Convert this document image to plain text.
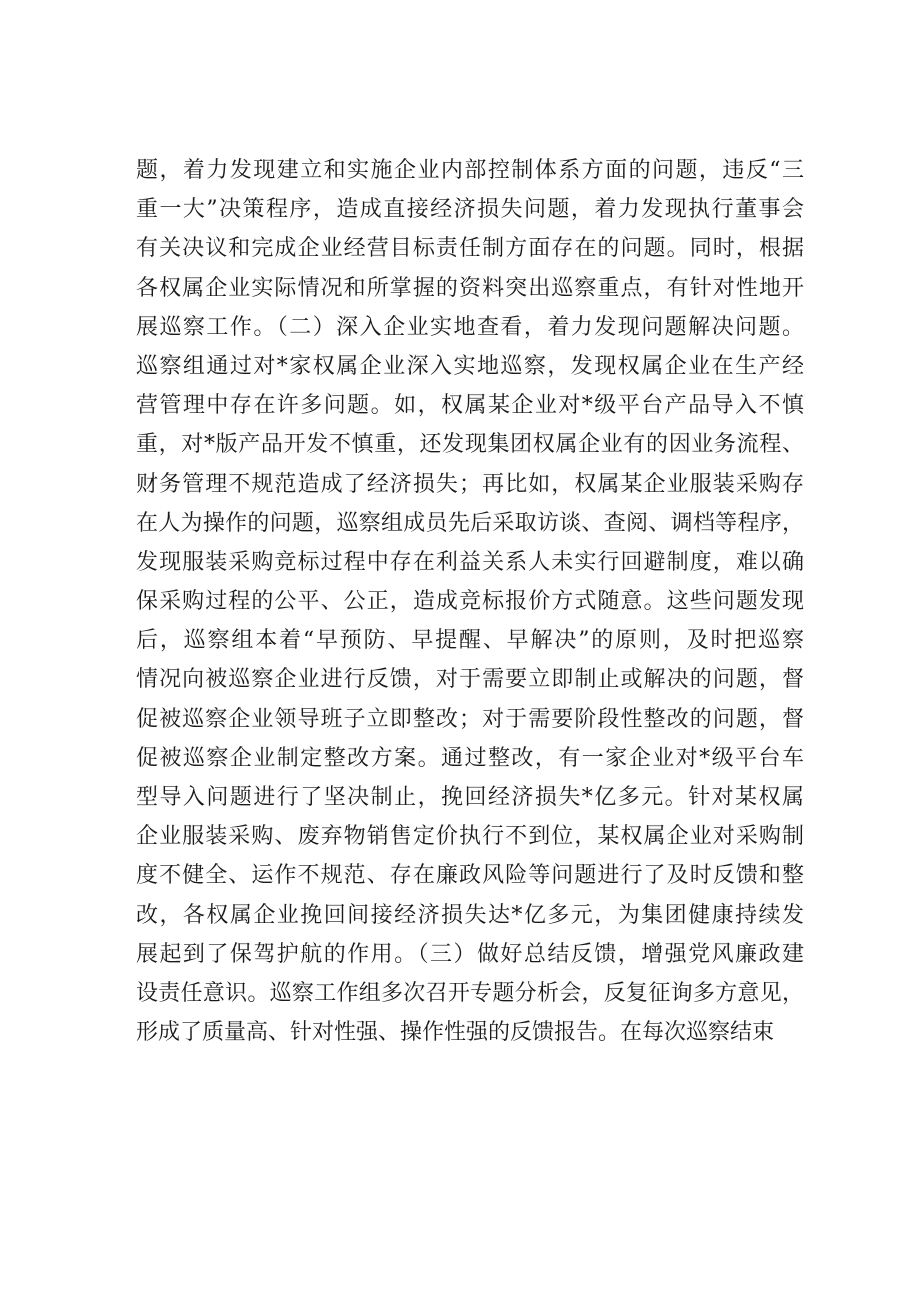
题，着力发现建立和实施企业内部控制体系方面的问题，违反“三
重一大”决策程序，造成直接经济损失问题，着力发现执行董事会
有关决议和完成企业经营目标责任制方面存在的问题。同时，根据
各权属企业实际情况和所掌握的资料突出巡察重点，有针对性地开
展巡察工作。（二）深入企业实地查看，着力发现问题解决问题。
巡察组通过对*家权属企业深入实地巡察，发现权属企业在生产经
营管理中存在许多问题。如，权属某企业对*级平台产品导入不慎
重，对*版产品开发不慎重，还发现集团权属企业有的因业务流程、
财务管理不规范造成了经济损失；再比如，权属某企业服装采购存
在人为操作的问题，巡察组成员先后采取访谈、查阅、调档等程序，
发现服装采购竞标过程中存在利益关系人未实行回避制度，难以确
保采购过程的公平、公正，造成竞标报价方式随意。这些问题发现
后，巡察组本着“早预防、早提醒、早解决”的原则，及时把巡察
情况向被巡察企业进行反馈，对于需要立即制止或解决的问题，督
促被巡察企业领导班子立即整改；对于需要阶段性整改的问题，督
促被巡察企业制定整改方案。通过整改，有一家企业对*级平台车
型导入问题进行了坚决制止，挽回经济损失*亿多元。针对某权属
企业服装采购、废弃物销售定价执行不到位，某权属企业对采购制
度不健全、运作不规范、存在廉政风险等问题进行了及时反馈和整
改，各权属企业挽回间接经济损失达*亿多元，为集团健康持续发
展起到了保驾护航的作用。（三）做好总结反馈，增强党风廉政建
设责任意识。巡察工作组多次召开专题分析会，反复征询多方意见，
形成了质量高、针对性强、操作性强的反馈报告。在每次巡察结束
